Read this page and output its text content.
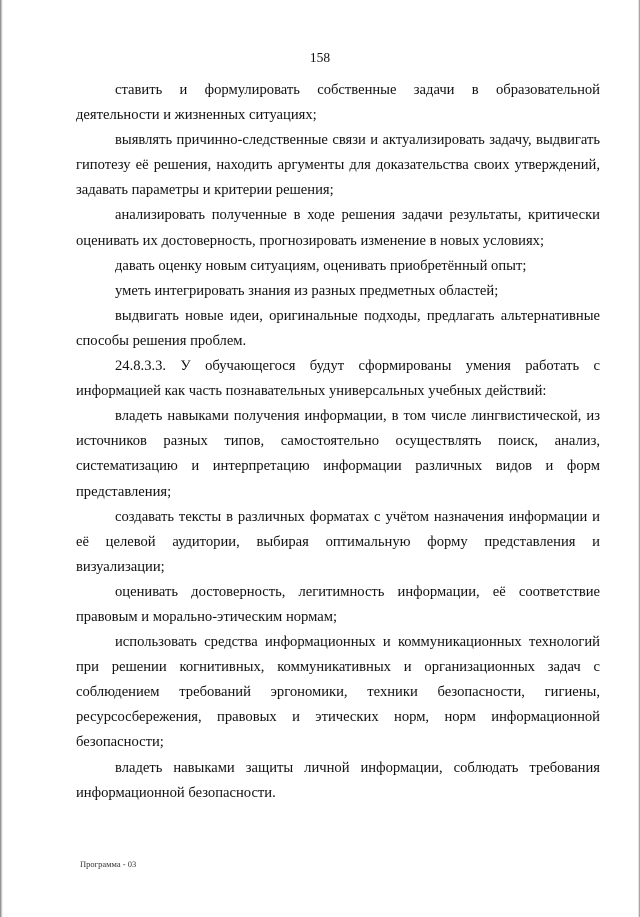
158

ставить и формулировать собственные задачи в образовательной деятельности и жизненных ситуациях;

выявлять причинно-следственные связи и актуализировать задачу, выдвигать гипотезу её решения, находить аргументы для доказательства своих утверждений, задавать параметры и критерии решения;

анализировать полученные в ходе решения задачи результаты, критически оценивать их достоверность, прогнозировать изменение в новых условиях;

давать оценку новым ситуациям, оценивать приобретённый опыт;

уметь интегрировать знания из разных предметных областей;

выдвигать новые идеи, оригинальные подходы, предлагать альтернативные способы решения проблем.

24.8.3.3. У обучающегося будут сформированы умения работать с информацией как часть познавательных универсальных учебных действий:

владеть навыками получения информации, в том числе лингвистической, из источников разных типов, самостоятельно осуществлять поиск, анализ, систематизацию и интерпретацию информации различных видов и форм представления;

создавать тексты в различных форматах с учётом назначения информации и её целевой аудитории, выбирая оптимальную форму представления и визуализации;

оценивать достоверность, легитимность информации, её соответствие правовым и морально-этическим нормам;

использовать средства информационных и коммуникационных технологий при решении когнитивных, коммуникативных и организационных задач с соблюдением требований эргономики, техники безопасности, гигиены, ресурсосбережения, правовых и этических норм, норм информационной безопасности;

владеть навыками защиты личной информации, соблюдать требования информационной безопасности.

Программа - 03
